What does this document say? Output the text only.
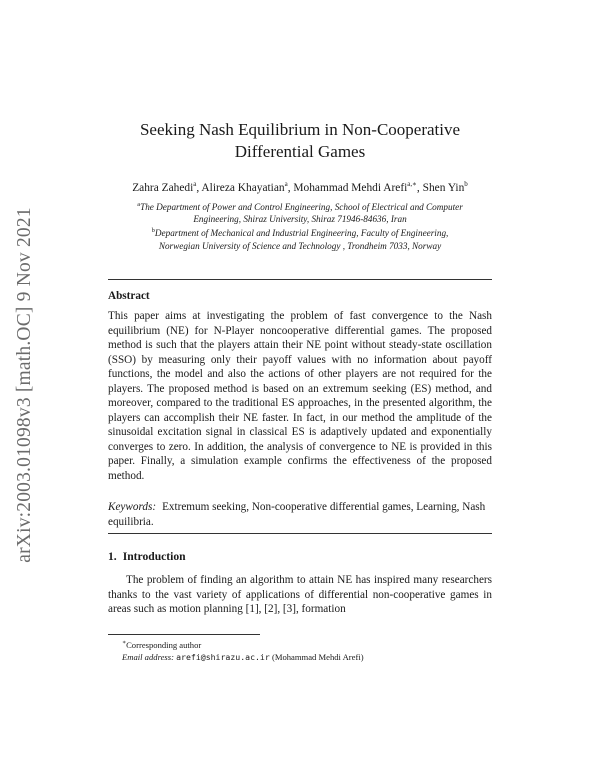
arXiv:2003.01098v3 [math.OC] 9 Nov 2021
Seeking Nash Equilibrium in Non-Cooperative
Differential Games
Zahra Zahedi$^a$, Alireza Khayatian$^a$, Mohammad Mehdi Arefi$^{a,∗}$, Shen Yin$^b$
$^a$The Department of Power and Control Engineering, School of Electrical and Computer
Engineering, Shiraz University, Shiraz 71946-84636, Iran
$^b$Department of Mechanical and Industrial Engineering, Faculty of Engineering,
Norwegian University of Science and Technology , Trondheim 7033, Norway
Abstract

This paper aims at investigating the problem of fast convergence to the Nash equilibrium (NE) for N-Player noncooperative differential games. The proposed method is such that the players attain their NE point without steady-state oscillation (SSO) by measuring only their payoff values with no information about payoff functions, the model and also the actions of other players are not required for the players. The proposed method is based on an extremum seeking (ES) method, and moreover, compared to the traditional ES approaches, in the presented algorithm, the players can accomplish their NE faster. In fact, in our method the amplitude of the sinusoidal excitation signal in classical ES is adaptively updated and exponentially converges to zero. In addition, the analysis of convergence to NE is provided in this paper. Finally, a simulation example confirms the effectiveness of the proposed method.

Keywords: Extremum seeking, Non-cooperative differential games, Learning, Nash equilibria.
1. Introduction

The problem of finding an algorithm to attain NE has inspired many researchers thanks to the vast variety of applications of differential non-cooperative games in areas such as motion planning [1], [2], [3], formation

∗Corresponding author
Email address: arefi@shirazu.ac.ir (Mohammad Mehdi Arefi)
